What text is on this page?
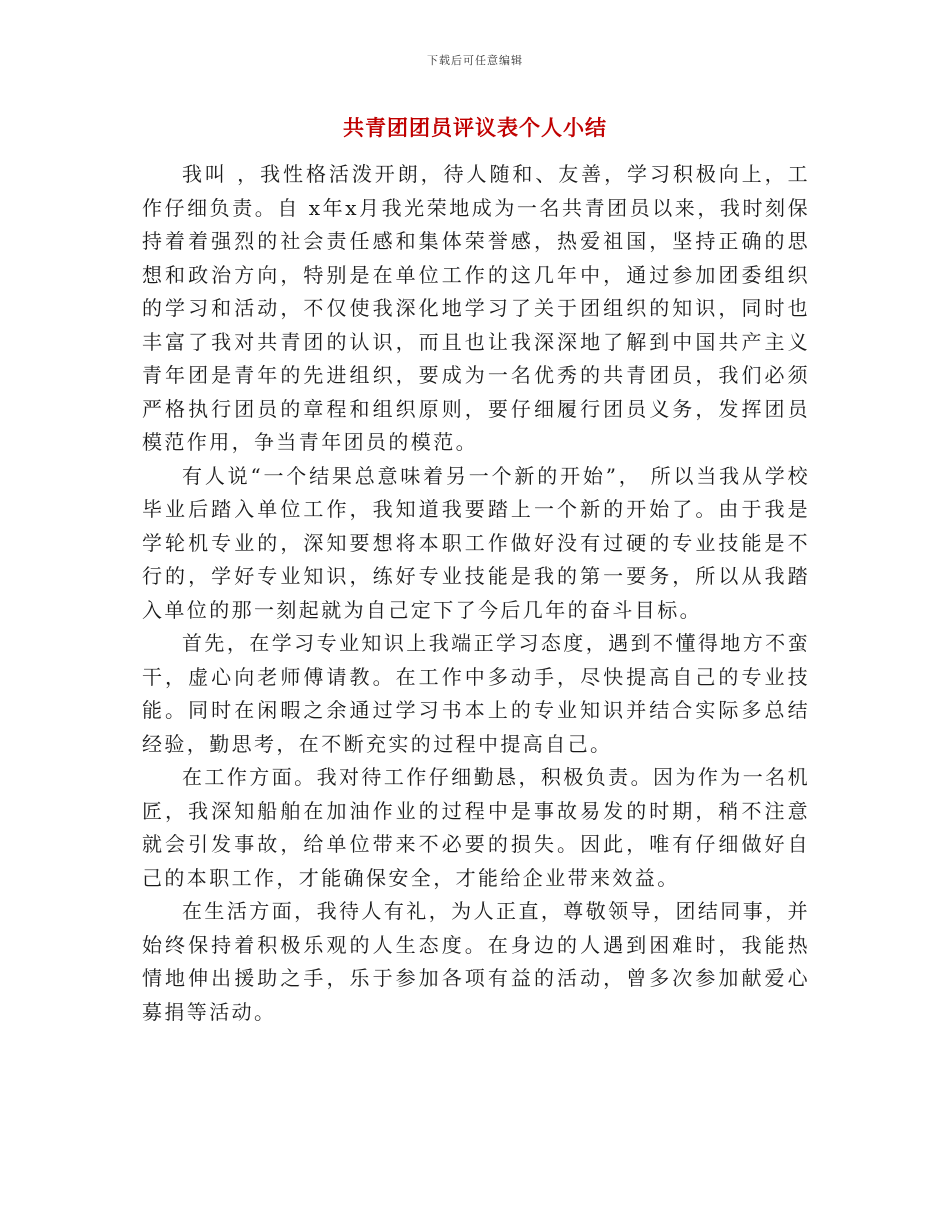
下载后可任意编辑
共青团团员评议表个人小结

我叫 ，我性格活泼开朗，待人随和、友善，学习积极向上，工作仔细负责。自 x年x月我光荣地成为一名共青团员以来，我时刻保持着着强烈的社会责任感和集体荣誉感，热爱祖国，坚持正确的思想和政治方向，特别是在单位工作的这几年中，通过参加团委组织的学习和活动，不仅使我深化地学习了关于团组织的知识，同时也丰富了我对共青团的认识，而且也让我深深地了解到中国共产主义青年团是青年的先进组织，要成为一名优秀的共青团员，我们必须严格执行团员的章程和组织原则，要仔细履行团员义务，发挥团员模范作用，争当青年团员的模范。

有人说“一个结果总意味着另一个新的开始”， 所以当我从学校毕业后踏入单位工作，我知道我要踏上一个新的开始了。由于我是学轮机专业的，深知要想将本职工作做好没有过硬的专业技能是不行的，学好专业知识，练好专业技能是我的第一要务，所以从我踏入单位的那一刻起就为自己定下了今后几年的奋斗目标。

首先，在学习专业知识上我端正学习态度，遇到不懂得地方不蛮干，虚心向老师傅请教。在工作中多动手，尽快提高自己的专业技能。同时在闲暇之余通过学习书本上的专业知识并结合实际多总结经验，勤思考，在不断充实的过程中提高自己。

在工作方面。我对待工作仔细勤恳，积极负责。因为作为一名机匠，我深知船舶在加油作业的过程中是事故易发的时期，稍不注意就会引发事故，给单位带来不必要的损失。因此，唯有仔细做好自己的本职工作，才能确保安全，才能给企业带来效益。

在生活方面，我待人有礼，为人正直，尊敬领导，团结同事，并始终保持着积极乐观的人生态度。在身边的人遇到困难时，我能热情地伸出援助之手，乐于参加各项有益的活动，曾多次参加献爱心募捐等活动。
